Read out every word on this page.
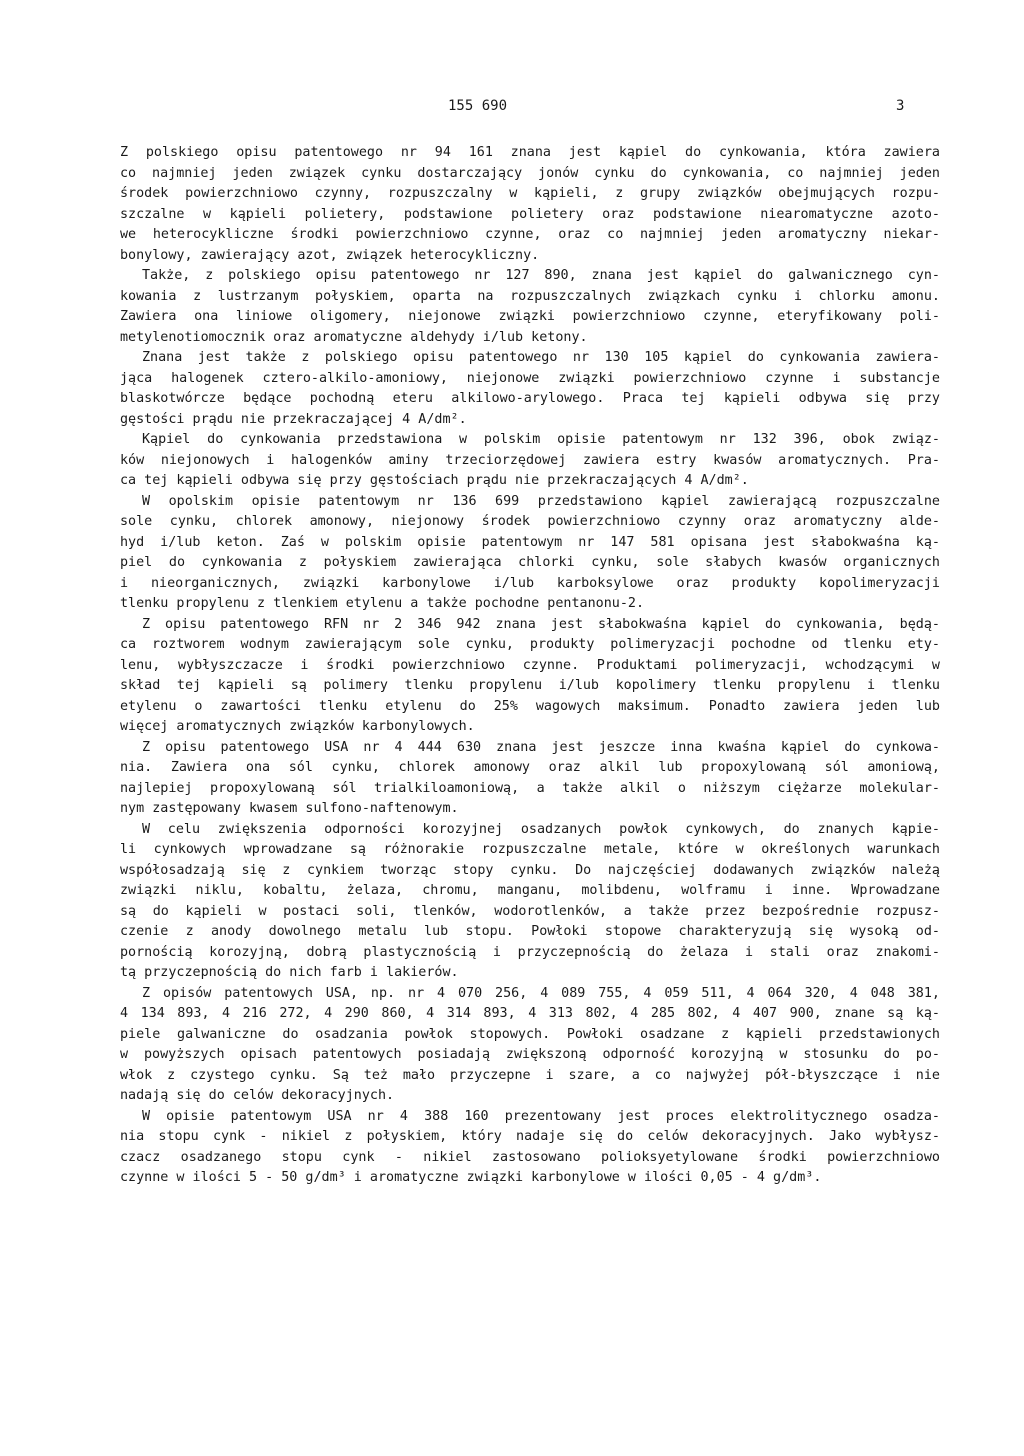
155 690	3
Z polskiego opisu patentowego nr 94 161 znana jest kąpiel do cynkowania, która zawiera
co najmniej jeden związek cynku dostarczający jonów cynku do cynkowania, co najmniej jeden
środek powierzchniowo czynny, rozpuszczalny w kąpieli, z grupy związków obejmujących rozpu-
szczalne w kąpieli polietery, podstawione polietery oraz podstawione niearomatyczne azoto-
we heterocykliczne środki powierzchniowo czynne, oraz co najmniej jeden aromatyczny niekar-
bonylowy, zawierający azot, związek heterocykliczny.
Także, z polskiego opisu patentowego nr 127 890, znana jest kąpiel do galwanicznego cyn-
kowania z lustrzanym połyskiem, oparta na rozpuszczalnych związkach cynku i chlorku amonu.
Zawiera ona liniowe oligomery, niejonowe związki powierzchniowo czynne, eteryfikowany poli-
metylenotiomocznik oraz aromatyczne aldehydy i/lub ketony.
Znana jest także z polskiego opisu patentowego nr 130 105 kąpiel do cynkowania zawiera-
jąca halogenek cztero-alkilo-amoniowy, niejonowe związki powierzchniowo czynne i substancje
blaskotwórcze będące pochodną eteru alkilowo-arylowego. Praca tej kąpieli odbywa się przy
gęstości prądu nie przekraczającej 4 A/dm².
Kąpiel do cynkowania przedstawiona w polskim opisie patentowym nr 132 396, obok związ-
ków niejonowych i halogenków aminy trzeciorzędowej zawiera estry kwasów aromatycznych. Pra-
ca tej kąpieli odbywa się przy gęstościach prądu nie przekraczających 4 A/dm².
W opolskim opisie patentowym nr 136 699 przedstawiono kąpiel zawierającą rozpuszczalne
sole cynku, chlorek amonowy, niejonowy środek powierzchniowo czynny oraz aromatyczny alde-
hyd i/lub keton. Zaś w polskim opisie patentowym nr 147 581 opisana jest słabokwaśna ką-
piel do cynkowania z połyskiem zawierająca chlorki cynku, sole słabych kwasów organicznych
i nieorganicznych, związki karbonylowe i/lub karboksylowe oraz produkty kopolimeryzacji
tlenku propylenu z tlenkiem etylenu a także pochodne pentanonu-2.
Z opisu patentowego RFN nr 2 346 942 znana jest słabokwaśna kąpiel do cynkowania, będą-
ca roztworem wodnym zawierającym sole cynku, produkty polimeryzacji pochodne od tlenku ety-
lenu, wybłyszczacze i środki powierzchniowo czynne. Produktami polimeryzacji, wchodzącymi w
skład tej kąpieli są polimery tlenku propylenu i/lub kopolimery tlenku propylenu i tlenku
etylenu o zawartości tlenku etylenu do 25% wagowych maksimum. Ponadto zawiera jeden lub
więcej aromatycznych związków karbonylowych.
Z opisu patentowego USA nr 4 444 630 znana jest jeszcze inna kwaśna kąpiel do cynkowa-
nia. Zawiera ona sól cynku, chlorek amonowy oraz alkil lub propoxylowaną sól amoniową,
najlepiej propoxylowaną sól trialkiloamoniową, a także alkil o niższym ciężarze molekular-
nym zastępowany kwasem sulfono-naftenowym.
W celu zwiększenia odporności korozyjnej osadzanych powłok cynkowych, do znanych kąpie-
li cynkowych wprowadzane są różnorakie rozpuszczalne metale, które w określonych warunkach
współosadzają się z cynkiem tworząc stopy cynku. Do najczęściej dodawanych związków należą
związki niklu, kobaltu, żelaza, chromu, manganu, molibdenu, wolframu i inne. Wprowadzane
są do kąpieli w postaci soli, tlenków, wodorotlenków, a także przez bezpośrednie rozpusz-
czenie z anody dowolnego metalu lub stopu. Powłoki stopowe charakteryzują się wysoką od-
pornością korozyjną, dobrą plastycznością i przyczepnością do żelaza i stali oraz znakomi-
tą przyczepnością do nich farb i lakierów.
Z opisów patentowych USA, np. nr 4 070 256, 4 089 755, 4 059 511, 4 064 320, 4 048 381,
4 134 893, 4 216 272, 4 290 860, 4 314 893, 4 313 802, 4 285 802, 4 407 900, znane są ką-
piele galwaniczne do osadzania powłok stopowych. Powłoki osadzane z kąpieli przedstawionych
w powyższych opisach patentowych posiadają zwiększoną odporność korozyjną w stosunku do po-
włok z czystego cynku. Są też mało przyczepne i szare, a co najwyżej pół-błyszczące i nie
nadają się do celów dekoracyjnych.
W opisie patentowym USA nr 4 388 160 prezentowany jest proces elektrolitycznego osadza-
nia stopu cynk - nikiel z połyskiem, który nadaje się do celów dekoracyjnych. Jako wybłysz-
czacz osadzanego stopu cynk - nikiel zastosowano polioksyetylowane środki powierzchniowo
czynne w ilości 5 - 50 g/dm³ i aromatyczne związki karbonylowe w ilości 0,05 - 4 g/dm³.
